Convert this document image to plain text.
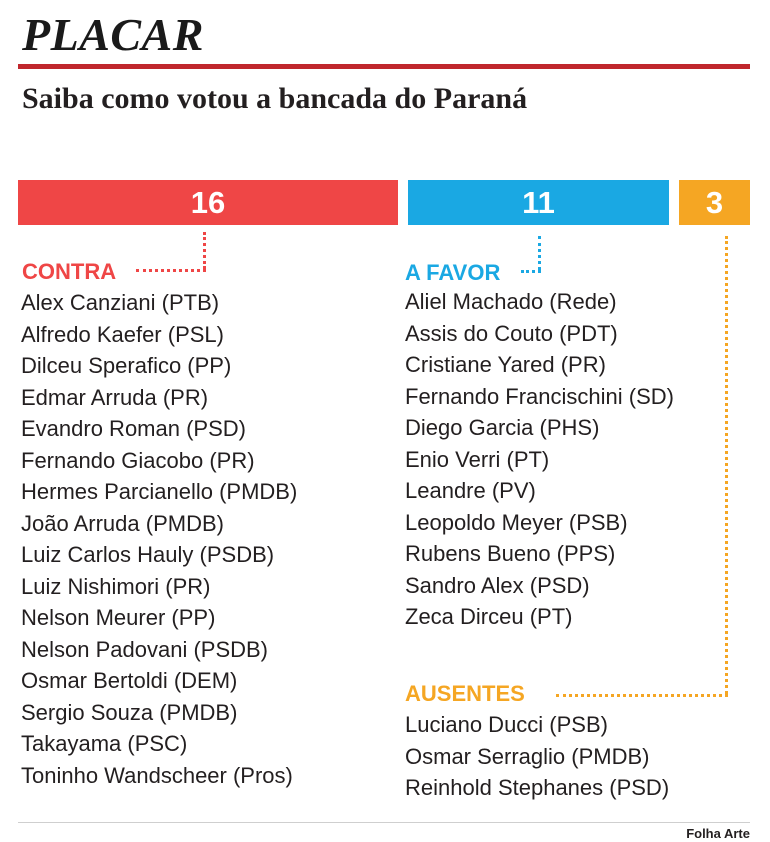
PLACAR
Saiba como votou a bancada do Paraná
16	11	3
CONTRA
Alex Canziani (PTB)
Alfredo Kaefer (PSL)
Dilceu Sperafico (PP)
Edmar Arruda (PR)
Evandro Roman (PSD)
Fernando Giacobo (PR)
Hermes Parcianello (PMDB)
João Arruda (PMDB)
Luiz Carlos Hauly (PSDB)
Luiz Nishimori (PR)
Nelson Meurer (PP)
Nelson Padovani (PSDB)
Osmar Bertoldi (DEM)
Sergio Souza (PMDB)
Takayama (PSC)
Toninho Wandscheer (Pros)
A FAVOR
Aliel Machado (Rede)
Assis do Couto (PDT)
Cristiane Yared (PR)
Fernando Francischini (SD)
Diego Garcia (PHS)
Enio Verri (PT)
Leandre (PV)
Leopoldo Meyer (PSB)
Rubens Bueno (PPS)
Sandro Alex (PSD)
Zeca Dirceu (PT)
AUSENTES
Luciano Ducci (PSB)
Osmar Serraglio (PMDB)
Reinhold Stephanes (PSD)
Folha Arte
